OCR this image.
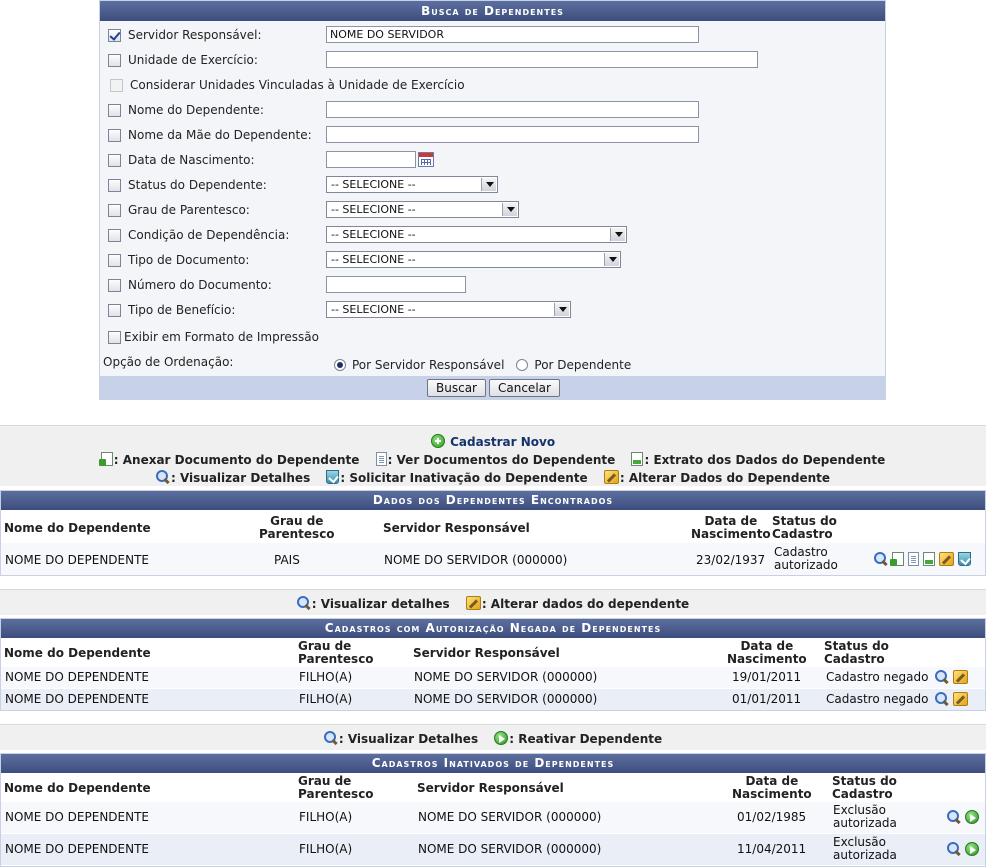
Busca de Dependentes
Servidor Responsável:
NOME DO SERVIDOR
Unidade de Exercício:
Considerar Unidades Vinculadas à Unidade de Exercício
Nome do Dependente:
Nome da Mãe do Dependente:
Data de Nascimento:
Status do Dependente:	-- SELECIONE --
Grau de Parentesco:	-- SELECIONE --
Condição de Dependência:	-- SELECIONE --
Tipo de Documento:	-- SELECIONE --
Número do Documento:
Tipo de Benefício:	-- SELECIONE --
Exibir em Formato de Impressão
Opção de Ordenação:	Por Servidor Responsável	Por Dependente
Buscar	Cancelar
Cadastrar Novo
: Anexar Documento do Dependente : Ver Documentos do Dependente : Extrato dos Dados do Dependente
: Visualizar Detalhes	: Solicitar Inativação do Dependente	: Alterar Dados do Dependente
Dados dos Dependentes Encontrados
Nome do Dependente	Grau de
Parentesco	Servidor Responsável	Data de
Nascimento
Status do
Cadastro
NOME DO DEPENDENTE	PAIS	NOME DO SERVIDOR (000000)	23/02/1937
Cadastro
autorizado
: Visualizar detalhes	: Alterar dados do dependente
Cadastros com Autorização Negada de Dependentes
Nome do Dependente	Grau de
Parentesco	Servidor Responsável	Data de
Nascimento
Status do
Cadastro
NOME DO DEPENDENTE	FILHO(A)	NOME DO SERVIDOR (000000)	19/01/2011 Cadastro negado
NOME DO DEPENDENTE	FILHO(A)	NOME DO SERVIDOR (000000)	01/01/2011 Cadastro negado
: Visualizar Detalhes	: Reativar Dependente
Cadastros Inativados de Dependentes
Nome do Dependente	Grau de
Parentesco	Servidor Responsável	Data de
Nascimento
Status do
Cadastro
NOME DO DEPENDENTE	FILHO(A)	NOME DO SERVIDOR (000000)	01/02/1985 Exclusão
autorizada
NOME DO DEPENDENTE	FILHO(A)	NOME DO SERVIDOR (000000)	11/04/2011 Exclusão
autorizada
